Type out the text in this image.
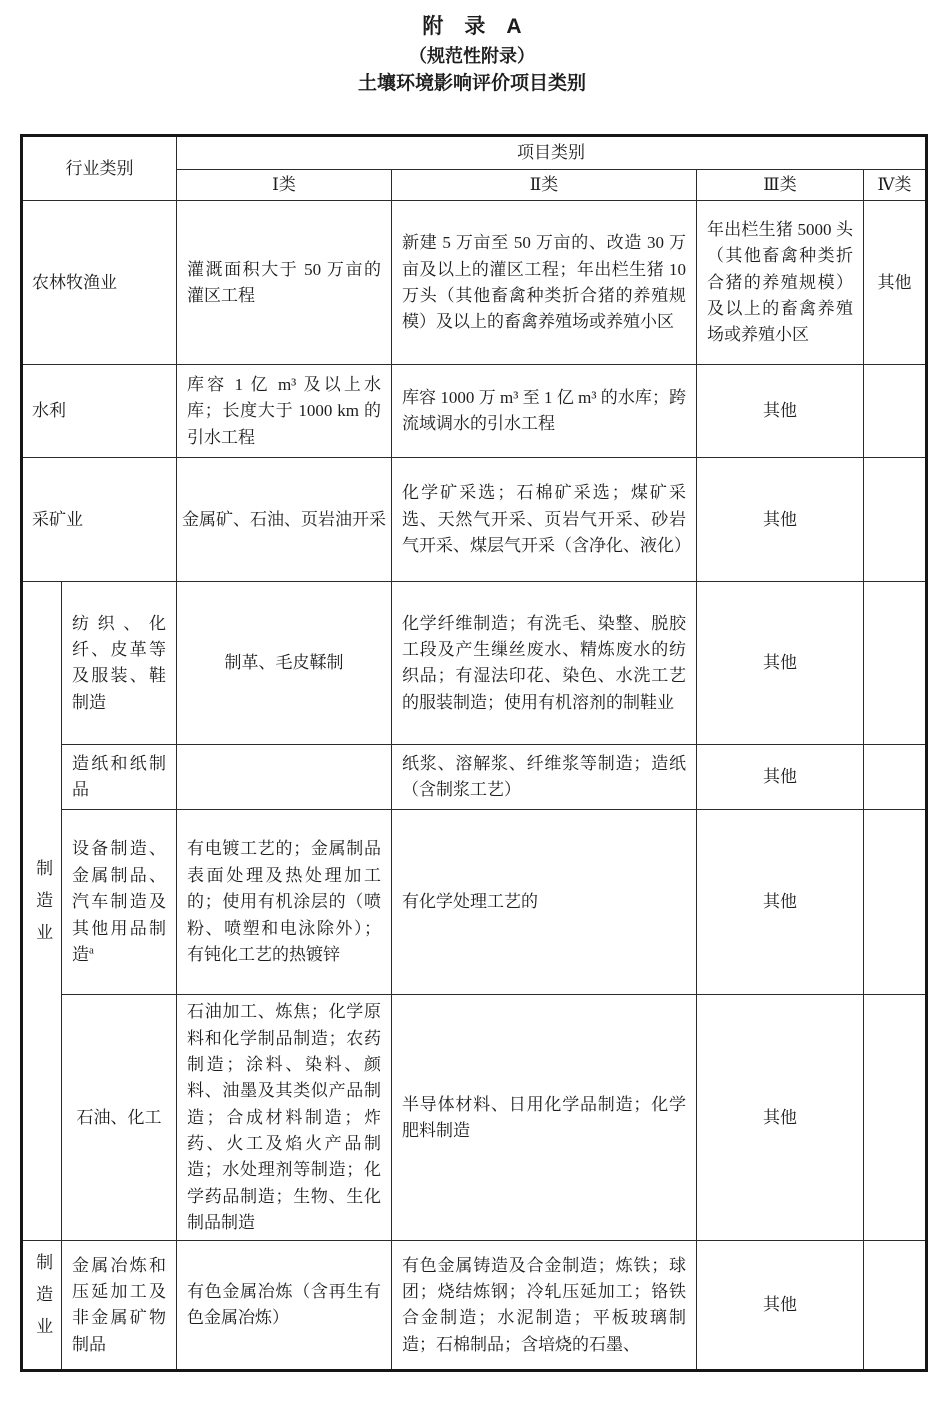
附　录　A
（规范性附录）
土壤环境影响评价项目类别
行业类别		项目类别			
		Ⅰ类	Ⅱ类	Ⅲ类	Ⅳ类
农林牧渔业		灌溉面积大于 50 万亩的灌区工程	新建 5 万亩至 50 万亩的、改造 30 万亩及以上的灌区工程；年出栏生猪 10 万头（其他畜禽种类折合猪的养殖规模）及以上的畜禽养殖场或养殖小区	年出栏生猪 5000 头（其他畜禽种类折合猪的养殖规模）及以上的畜禽养殖场或养殖小区	其他
水利		库容 1 亿 m³ 及以上水库；长度大于 1000 km 的引水工程	库容 1000 万 m³ 至 1 亿 m³ 的水库；跨流域调水的引水工程	其他	
采矿业		金属矿、石油、页岩油开采	化学矿采选；石棉矿采选；煤矿采选、天然气开采、页岩气开采、砂岩气开采、煤层气开采（含净化、液化）	其他	
制造业	纺织、化纤、皮革等及服装、鞋制造	制革、毛皮鞣制	化学纤维制造；有洗毛、染整、脱胶工段及产生缫丝废水、精炼废水的纺织品；有湿法印花、染色、水洗工艺的服装制造；使用有机溶剂的制鞋业	其他	
	造纸和纸制品		纸浆、溶解浆、纤维浆等制造；造纸（含制浆工艺）	其他	
	设备制造、金属制品、汽车制造及其他用品制造$^a$	有电镀工艺的；金属制品表面处理及热处理加工的；使用有机涂层的（喷粉、喷塑和电泳除外）；有钝化工艺的热镀锌	有化学处理工艺的	其他	
	石油、化工	石油加工、炼焦；化学原料和化学制品制造；农药制造；涂料、染料、颜料、油墨及其类似产品制造；合成材料制造；炸药、火工及焰火产品制造；水处理剂等制造；化学药品制造；生物、生化制品制造	半导体材料、日用化学品制造；化学肥料制造	其他	
制造业	金属冶炼和压延加工及非金属矿物制品	有色金属冶炼（含再生有色金属冶炼）	有色金属铸造及合金制造；炼铁；球团；烧结炼钢；冷轧压延加工；铬铁合金制造；水泥制造；平板玻璃制造；石棉制品；含培烧的石墨、	其他	
